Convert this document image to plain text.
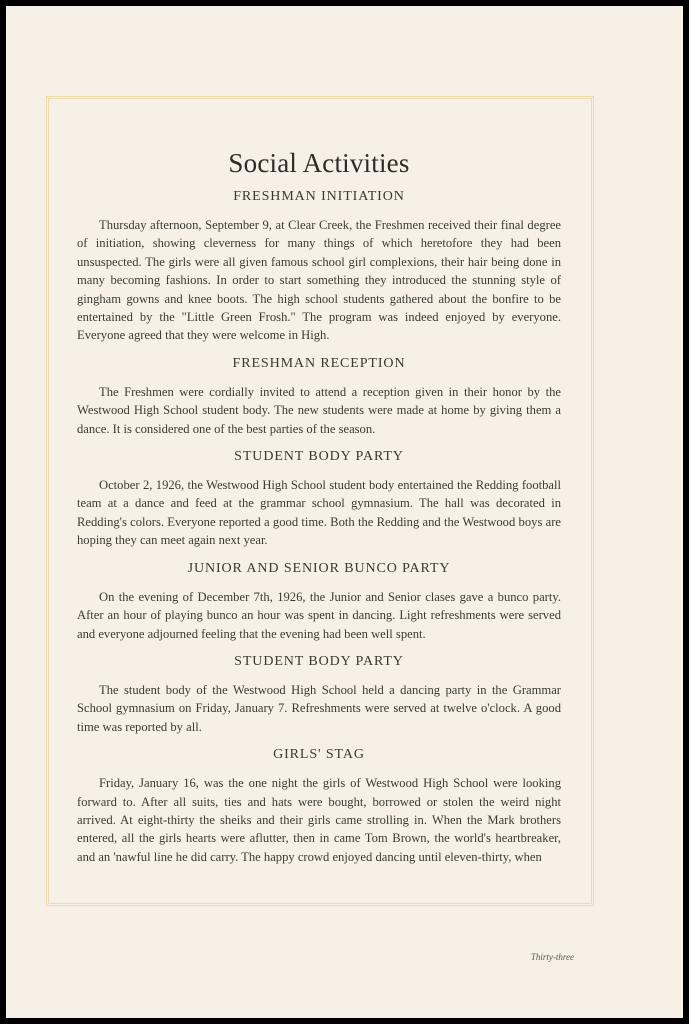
Social Activities
FRESHMAN INITIATION

Thursday afternoon, September 9, at Clear Creek, the Freshmen received their final degree of initiation, showing cleverness for many things of which heretofore they had been unsuspected. The girls were all given famous school girl complexions, their hair being done in many becoming fashions. In order to start something they introduced the stunning style of gingham gowns and knee boots. The high school students gathered about the bonfire to be entertained by the "Little Green Frosh." The program was indeed enjoyed by everyone. Everyone agreed that they were welcome in High.

FRESHMAN RECEPTION

The Freshmen were cordially invited to attend a reception given in their honor by the Westwood High School student body. The new students were made at home by giving them a dance. It is considered one of the best parties of the season.

STUDENT BODY PARTY

October 2, 1926, the Westwood High School student body entertained the Redding football team at a dance and feed at the grammar school gymnasium. The hall was decorated in Redding's colors. Everyone reported a good time. Both the Redding and the Westwood boys are hoping they can meet again next year.

JUNIOR AND SENIOR BUNCO PARTY

On the evening of December 7th, 1926, the Junior and Senior clases gave a bunco party. After an hour of playing bunco an hour was spent in dancing. Light refreshments were served and everyone adjourned feeling that the evening had been well spent.

STUDENT BODY PARTY

The student body of the Westwood High School held a dancing party in the Grammar School gymnasium on Friday, January 7. Refreshments were served at twelve o'clock. A good time was reported by all.

GIRLS' STAG

Friday, January 16, was the one night the girls of Westwood High School were looking forward to. After all suits, ties and hats were bought, borrowed or stolen the weird night arrived. At eight-thirty the sheiks and their girls came strolling in. When the Mark brothers entered, all the girls hearts were aflutter, then in came Tom Brown, the world's heartbreaker, and an 'nawful line he did carry. The happy crowd enjoyed dancing until eleven-thirty, when

Thirty-three
